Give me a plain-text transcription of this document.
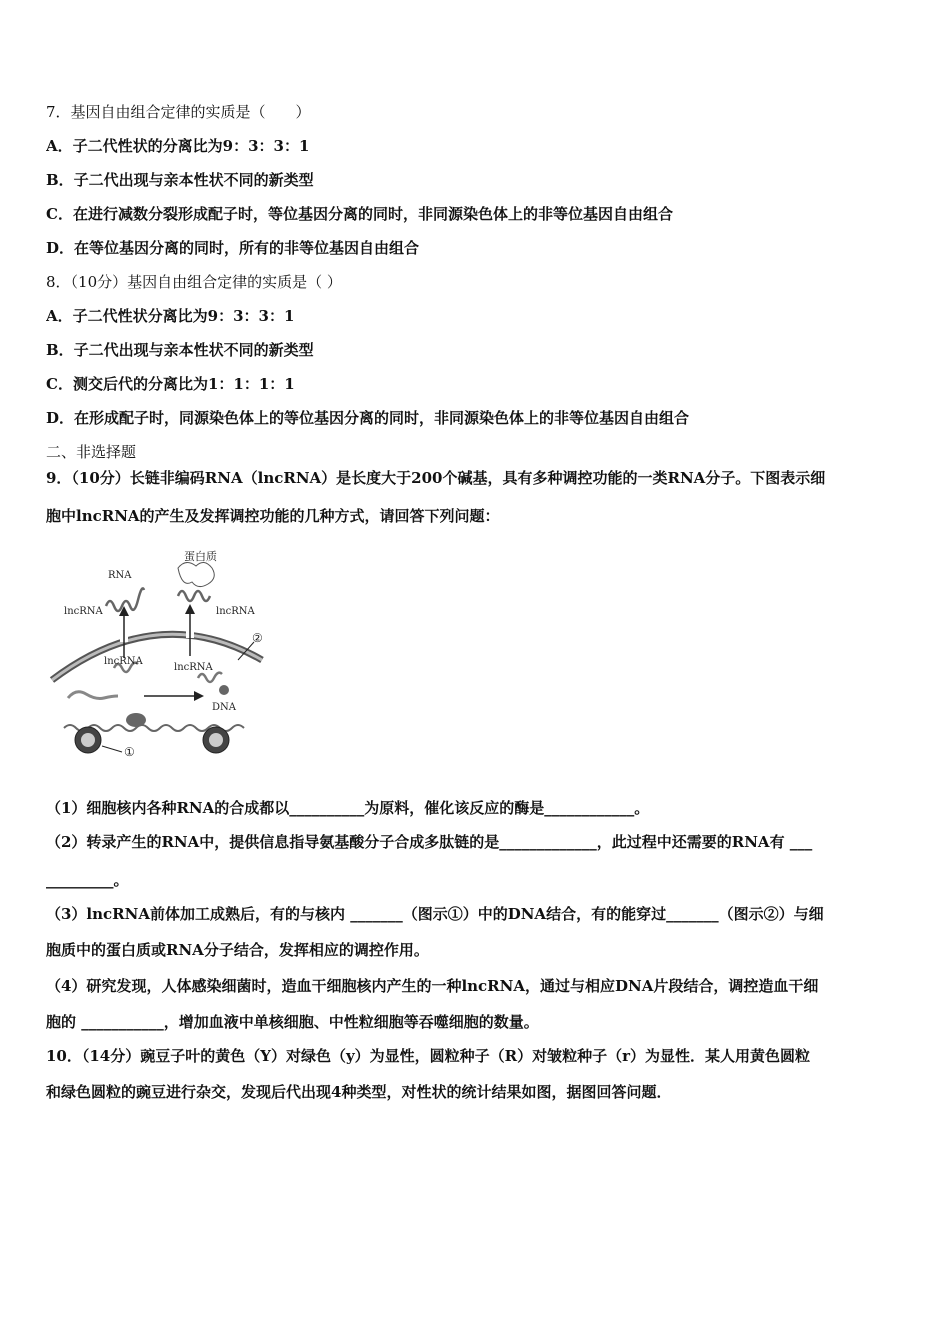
7．基因自由组合定律的实质是（　　）
A．子二代性状的分离比为9：3：3：1
B．子二代出现与亲本性状不同的新类型
C．在进行减数分裂形成配子时，等位基因分离的同时，非同源染色体上的非等位基因自由组合
D．在等位基因分离的同时，所有的非等位基因自由组合
8．（10分）基因自由组合定律的实质是（ ）
A．子二代性状分离比为9：3：3：1
B．子二代出现与亲本性状不同的新类型
C．测交后代的分离比为1：1：1：1
D．在形成配子时，同源染色体上的等位基因分离的同时，非同源染色体上的非等位基因自由组合
二、非选择题
9．（10分）长链非编码RNA（lncRNA）是长度大于200个碱基，具有多种调控功能的一类RNA分子。下图表示细
胞中lncRNA的产生及发挥调控功能的几种方式，请回答下列问题：
蛋白质
RNA
lncRNA	lncRNA
lncRNA
lncRNA
DNA
①
②
（1）细胞核内各种RNA的合成都以__________为原料，催化该反应的酶是____________。
（2）转录产生的RNA中，提供信息指导氨基酸分子合成多肽链的是_____________，此过程中还需要的RNA有 ___
_________。
（3）lncRNA前体加工成熟后，有的与核内 _______（图示①）中的DNA结合，有的能穿过_______（图示②）与细
胞质中的蛋白质或RNA分子结合，发挥相应的调控作用。
（4）研究发现，人体感染细菌时，造血干细胞核内产生的一种lncRNA，通过与相应DNA片段结合，调控造血干细
胞的 ___________，增加血液中单核细胞、中性粒细胞等吞噬细胞的数量。
10．（14分）豌豆子叶的黄色（Y）对绿色（y）为显性，圆粒种子（R）对皱粒种子（r）为显性．某人用黄色圆粒
和绿色圆粒的豌豆进行杂交，发现后代出现4种类型，对性状的统计结果如图，据图回答问题．
